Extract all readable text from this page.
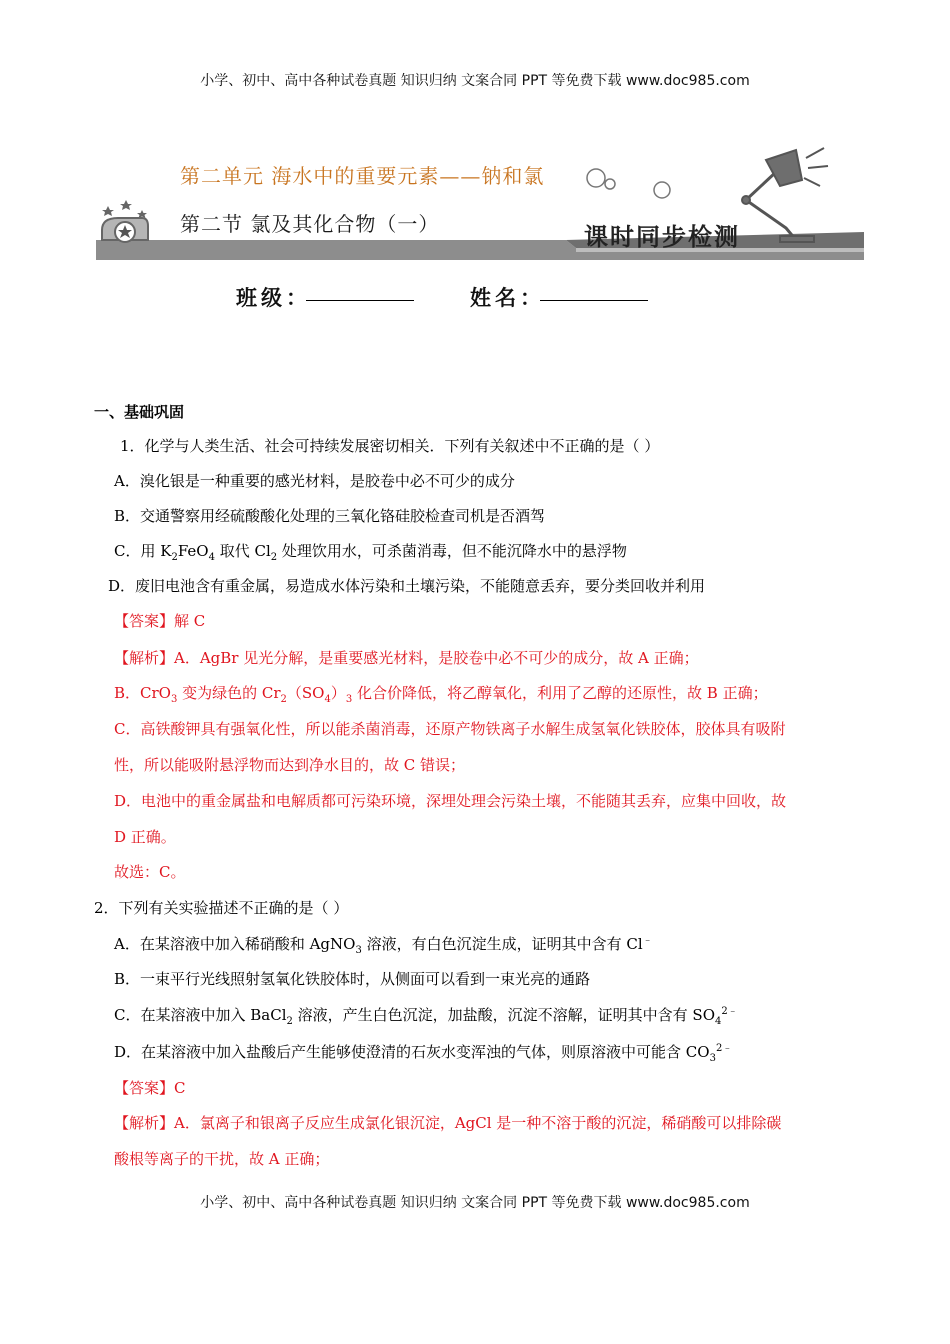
小学、初中、高中各种试卷真题 知识归纳 文案合同 PPT 等免费下载 www.doc985.com
第二单元 海水中的重要元素——钠和氯
第二节 氯及其化合物（一）	课时同步检测
班级：	姓名：
一、基础巩固
1．化学与人类生活、社会可持续发展密切相关．下列有关叙述中不正确的是（ ）
A．溴化银是一种重要的感光材料，是胶卷中必不可少的成分
B．交通警察用经硫酸酸化处理的三氧化铬硅胶检查司机是否酒驾
C．用 $K_2FeO_4$ 取代 $Cl_2$ 处理饮用水，可杀菌消毒，但不能沉降水中的悬浮物
D．废旧电池含有重金属，易造成水体污染和土壤污染，不能随意丢弃，要分类回收并利用
【答案】解 C
【解析】A．AgBr 见光分解，是重要感光材料，是胶卷中必不可少的成分，故 A 正确；
B．CrO$_3$ 变为绿色的 $Cr_2(SO_4)_3$ 化合价降低，将乙醇氧化，利用了乙醇的还原性，故 B 正确；
C．高铁酸钾具有强氧化性，所以能杀菌消毒，还原产物铁离子水解生成氢氧化铁胶体，胶体具有吸附
性，所以能吸附悬浮物而达到净水目的，故 C 错误；
D．电池中的重金属盐和电解质都可污染环境，深埋处理会污染土壤，不能随其丢弃，应集中回收，故
D 正确。
故选：C。
2．下列有关实验描述不正确的是（ ）
A．在某溶液中加入稀硝酸和 AgNO$_3$ 溶液，有白色沉淀生成，证明其中含有 Cl﹣
B．一束平行光线照射氢氧化铁胶体时，从侧面可以看到一束光亮的通路
C．在某溶液中加入 BaCl$_2$ 溶液，产生白色沉淀，加盐酸，沉淀不溶解，证明其中含有 $SO_4^{2﹣}$
D．在某溶液中加入盐酸后产生能够使澄清的石灰水变浑浊的气体，则原溶液中可能含 $CO_3^{2﹣}$
【答案】C
【解析】A．氯离子和银离子反应生成氯化银沉淀，AgCl 是一种不溶于酸的沉淀，稀硝酸可以排除碳
酸根等离子的干扰，故 A 正确；
小学、初中、高中各种试卷真题 知识归纳 文案合同 PPT 等免费下载 www.doc985.com
